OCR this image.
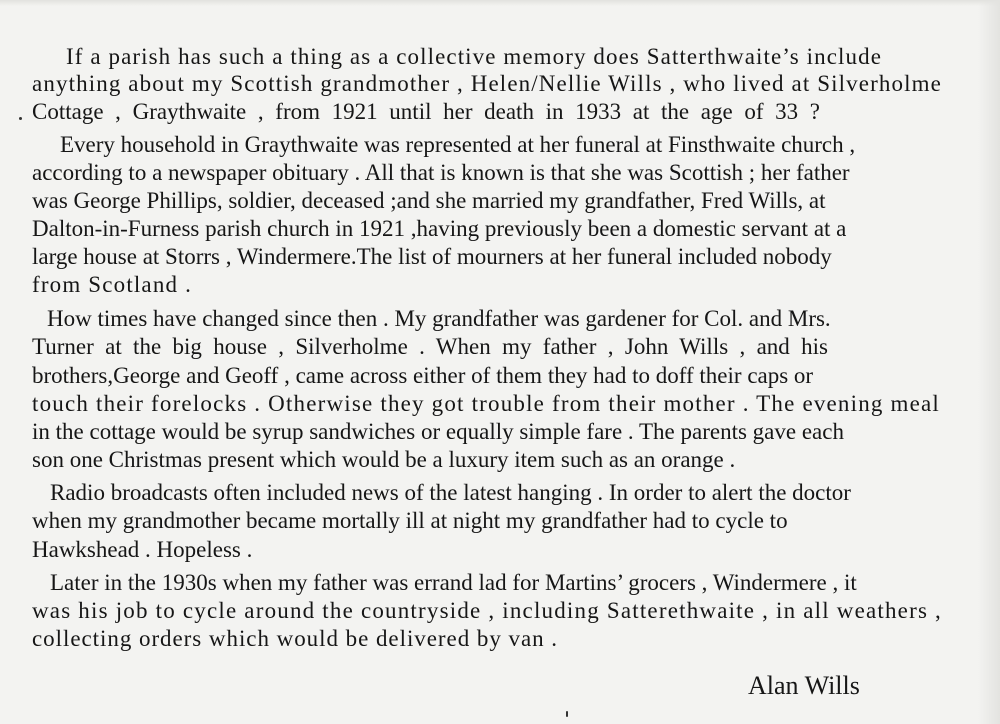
If a parish has such a thing as a collective memory does Satterthwaite’s include
anything about my Scottish grandmother , Helen/Nellie Wills , who lived at Silverholme
Cottage , Graythwaite , from 1921 until her death in 1933 at the age of 33 ?
Every household in Graythwaite was represented at her funeral at Finsthwaite church ,
according to a newspaper obituary . All that is known is that she was Scottish ; her father
was George Phillips, soldier, deceased ;and she married my grandfather, Fred Wills, at
Dalton-in-Furness parish church in 1921 ,having previously been a domestic servant at a
large house at Storrs , Windermere.The list of mourners at her funeral included nobody
from Scotland .
How times have changed since then . My grandfather was gardener for Col. and Mrs.
Turner at the big house , Silverholme . When my father , John Wills , and his
brothers,George and Geoff , came across either of them they had to doff their caps or
touch their forelocks . Otherwise they got trouble from their mother . The evening meal
in the cottage would be syrup sandwiches or equally simple fare . The parents gave each
son one Christmas present which would be a luxury item such as an orange .
Radio broadcasts often included news of the latest hanging . In order to alert the doctor
when my grandmother became mortally ill at night my grandfather had to cycle to
Hawkshead . Hopeless .
Later in the 1930s when my father was errand lad for Martins’ grocers , Windermere , it
was his job to cycle around the countryside , including Satterethwaite , in all weathers ,
collecting orders which would be delivered by van .
Alan Wills
